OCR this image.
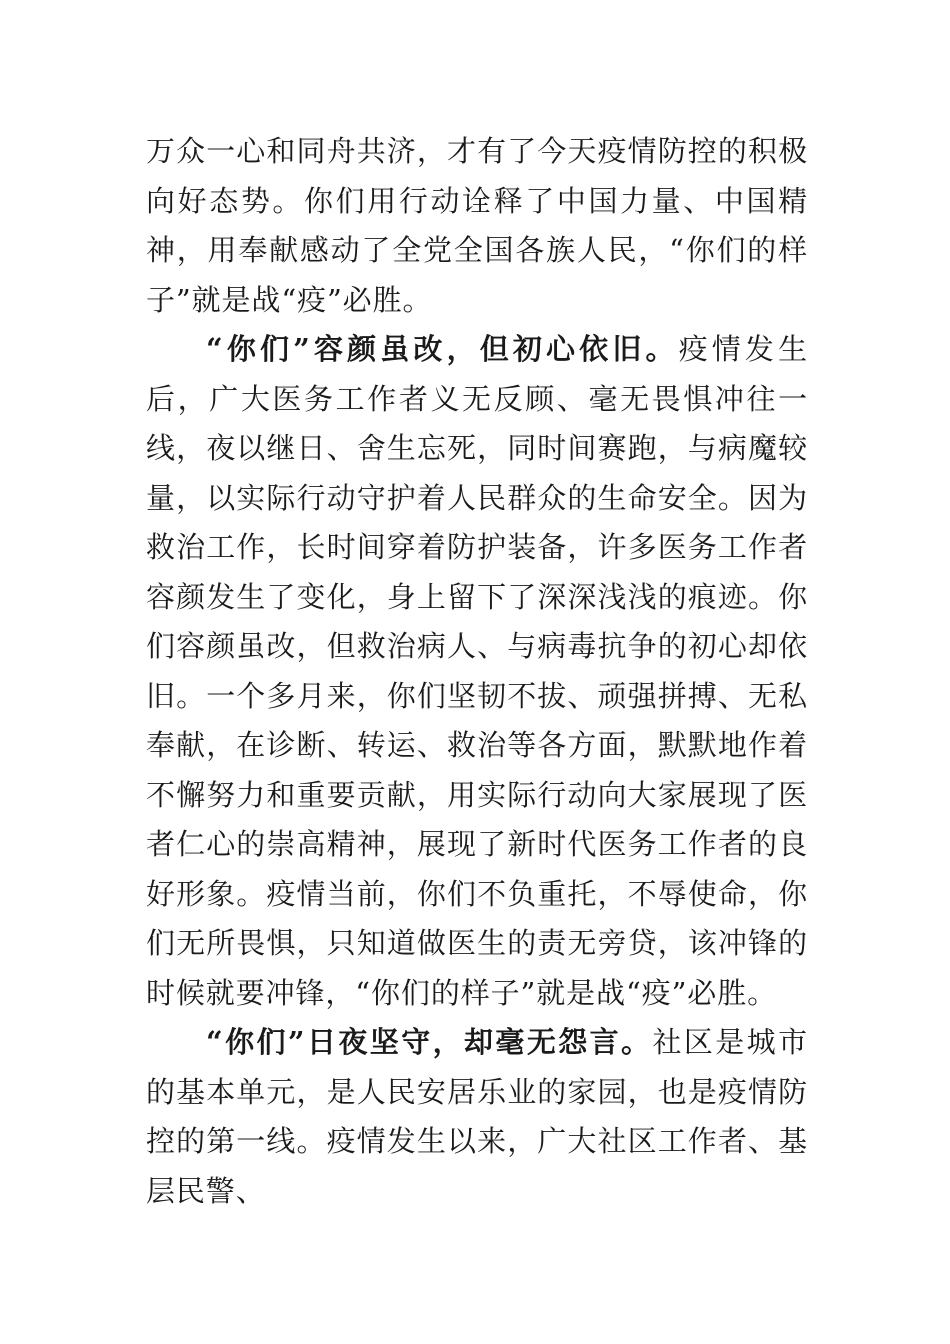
万众一心和同舟共济，才有了今天疫情防控的积极向好态势。你们用行动诠释了中国力量、中国精神，用奉献感动了全党全国各族人民，“你们的样子”就是战“疫”必胜。

“你们”容颜虽改，但初心依旧。疫情发生后，广大医务工作者义无反顾、毫无畏惧冲往一线，夜以继日、舍生忘死，同时间赛跑，与病魔较量，以实际行动守护着人民群众的生命安全。因为救治工作，长时间穿着防护装备，许多医务工作者容颜发生了变化，身上留下了深深浅浅的痕迹。你们容颜虽改，但救治病人、与病毒抗争的初心却依旧。一个多月来，你们坚韧不拔、顽强拼搏、无私奉献，在诊断、转运、救治等各方面，默默地作着不懈努力和重要贡献，用实际行动向大家展现了医者仁心的崇高精神，展现了新时代医务工作者的良好形象。疫情当前，你们不负重托，不辱使命，你们无所畏惧，只知道做医生的责无旁贷，该冲锋的时候就要冲锋，“你们的样子”就是战“疫”必胜。

“你们”日夜坚守，却毫无怨言。社区是城市的基本单元，是人民安居乐业的家园，也是疫情防控的第一线。疫情发生以来，广大社区工作者、基层民警、
